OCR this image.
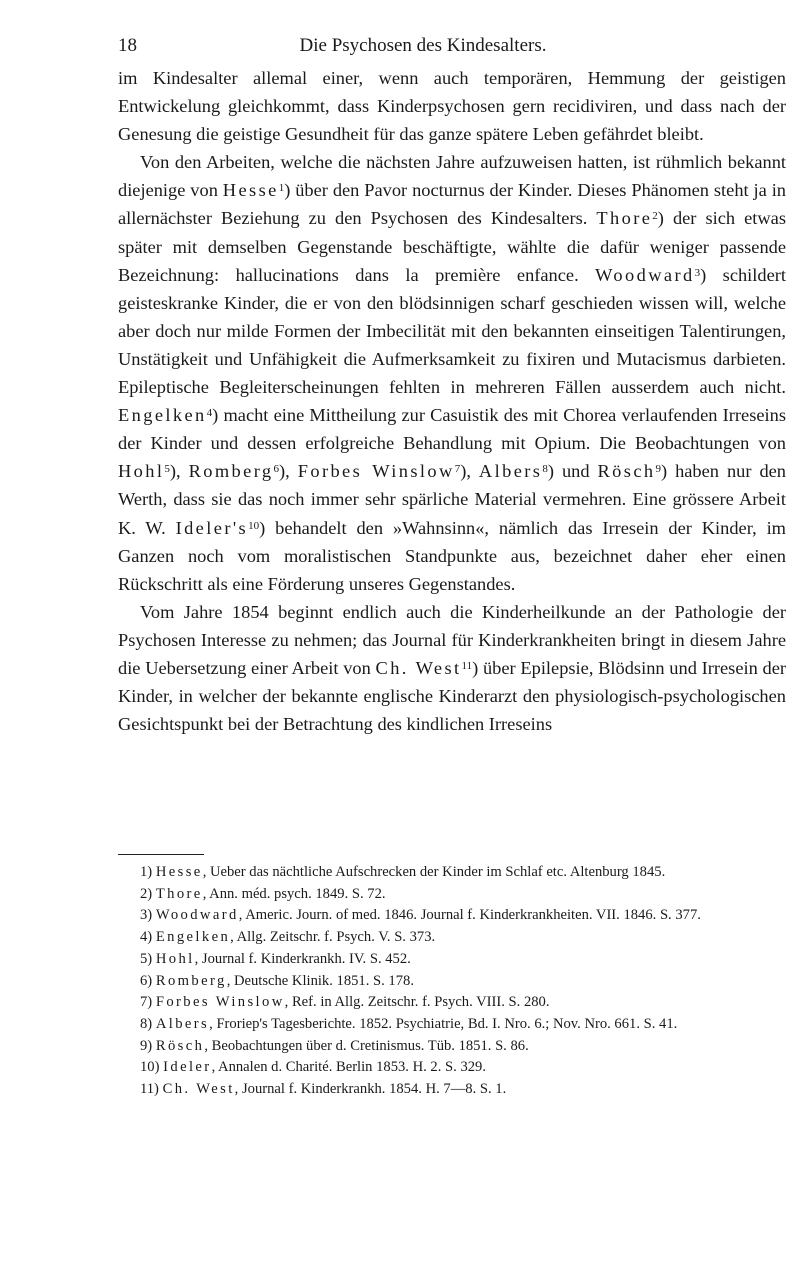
18	Die Psychosen des Kindesalters.

im Kindesalter allemal einer, wenn auch temporären, Hemmung der geistigen Entwickelung gleichkommt, dass Kinderpsychosen gern recidiviren, und dass nach der Genesung die geistige Gesundheit für das ganze spätere Leben gefährdet bleibt.

Von den Arbeiten, welche die nächsten Jahre aufzuweisen hatten, ist rühmlich bekannt diejenige von Hesse$^1$) über den Pavor nocturnus der Kinder. Dieses Phänomen steht ja in allernächster Beziehung zu den Psychosen des Kindesalters. Thore$^2$) der sich etwas später mit demselben Gegenstande beschäftigte, wählte die dafür weniger passende Bezeichnung: hallucinations dans la première enfance. Woodward$^3$) schildert geisteskranke Kinder, die er von den blödsinnigen scharf geschieden wissen will, welche aber doch nur milde Formen der Imbecilität mit den bekannten einseitigen Talentirungen, Unstätigkeit und Unfähigkeit die Aufmerksamkeit zu fixiren und Mutacismus darbieten. Epileptische Begleiterscheinungen fehlten in mehreren Fällen ausserdem auch nicht. Engelken$^4$) macht eine Mittheilung zur Casuistik des mit Chorea verlaufenden Irreseins der Kinder und dessen erfolgreiche Behandlung mit Opium. Die Beobachtungen von Hohl$^5$), Romberg$^6$), Forbes Winslow$^7$), Albers$^8$) und Rösch$^9$) haben nur den Werth, dass sie das noch immer sehr spärliche Material vermehren. Eine grössere Arbeit K. W. $Ideler's^{10}$) behandelt den »Wahnsinn«, nämlich das Irresein der Kinder, im Ganzen noch vom moralistischen Standpunkte aus, bezeichnet daher eher einen Rückschritt als eine Förderung unseres Gegenstandes.

Vom Jahre 1854 beginnt endlich auch die Kinderheilkunde an der Pathologie der Psychosen Interesse zu nehmen; das Journal für Kinderkrankheiten bringt in diesem Jahre die Uebersetzung einer Arbeit von Ch. West$^{11}$) über Epilepsie, Blödsinn und Irresein der Kinder, in welcher der bekannte englische Kinderarzt den physiologisch-psychologischen Gesichtspunkt bei der Betrachtung des kindlichen Irreseins

1) Hesse, Ueber das nächtliche Aufschrecken der Kinder im Schlaf etc. Altenburg 1845.
2) Thore, Ann. méd. psych. 1849. S. 72.
3) Woodward, Americ. Journ. of med. 1846. Journal f. Kinderkrankheiten. VII. 1846. S. 377.
4) Engelken, Allg. Zeitschr. f. Psych. V. S. 373.
5) Hohl, Journal f. Kinderkrankh. IV. S. 452.
6) Romberg, Deutsche Klinik. 1851. S. 178.
7) Forbes Winslow, Ref. in Allg. Zeitschr. f. Psych. VIII. S. 280.
8) Albers, Froriep's Tagesberichte. 1852. Psychiatrie, Bd. I. Nro. 6.; Nov. Nro. 661. S. 41.
9) Rösch, Beobachtungen über d. Cretinismus. Tüb. 1851. S. 86.
10) Ideler, Annalen d. Charité. Berlin 1853. H. 2. S. 329.
11) Ch. West, Journal f. Kinderkrankh. 1854. H. 7—8. S. 1.
